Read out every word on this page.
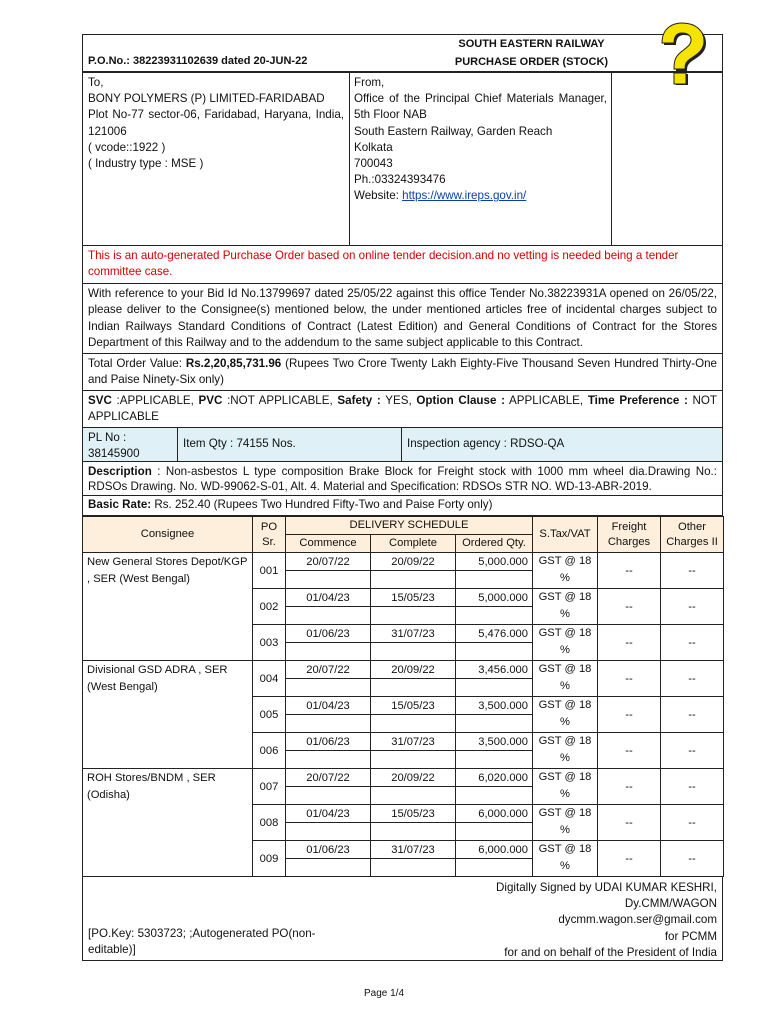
P.O.No.: 38223931102639 dated 20-JUN-22
SOUTH EASTERN RAILWAY
PURCHASE ORDER (STOCK)
To,
BONY POLYMERS (P) LIMITED-FARIDABAD
Plot No-77 sector-06, Faridabad, Haryana, India, 121006
( vcode::1922 )
( Industry type : MSE )
From,
Office of the Principal Chief Materials Manager, 5th Floor NAB
South Eastern Railway, Garden Reach
Kolkata
700043
Ph.:03324393476
Website: https://www.ireps.gov.in/
This is an auto-generated Purchase Order based on online tender decision.and no vetting is needed being a tender committee case.
With reference to your Bid Id No.13799697 dated 25/05/22 against this office Tender No.38223931A opened on 26/05/22, please deliver to the Consignee(s) mentioned below, the under mentioned articles free of incidental charges subject to Indian Railways Standard Conditions of Contract (Latest Edition) and General Conditions of Contract for the Stores Department of this Railway and to the addendum to the same subject applicable to this Contract.
Total Order Value: Rs.2,20,85,731.96 (Rupees Two Crore Twenty Lakh Eighty-Five Thousand Seven Hundred Thirty-One and Paise Ninety-Six only)
SVC :APPLICABLE, PVC :NOT APPLICABLE, Safety : YES, Option Clause : APPLICABLE, Time Preference : NOT APPLICABLE
PL No :
38145900
Item Qty : 74155 Nos.	Inspection agency : RDSO-QA
Description : Non-asbestos L type composition Brake Block for Freight stock with 1000 mm wheel dia.Drawing No.: RDSOs Drawing. No. WD-99062-S-01, Alt. 4. Material and Specification: RDSOs STR NO. WD-13-ABR-2019.
Basic Rate: Rs. 252.40 (Rupees Two Hundred Fifty-Two and Paise Forty only)
Consignee	PO Sr.	DELIVERY SCHEDULE			S.Tax/VAT	Freight Charges	Other Charges II
		Commence	Complete	Ordered Qty.			
New General Stores Depot/KGP , SER (West Bengal)	001	20/07/22	20/09/22	5,000.000	GST @ 18 %	--	--

	002	01/04/23	15/05/23	5,000.000	GST @ 18 %	--	--

	003	01/06/23	31/07/23	5,476.000	GST @ 18 %	--	--

Divisional GSD ADRA , SER (West Bengal)	004	20/07/22	20/09/22	3,456.000	GST @ 18 %	--	--

	005	01/04/23	15/05/23	3,500.000	GST @ 18 %	--	--

	006	01/06/23	31/07/23	3,500.000	GST @ 18 %	--	--

ROH Stores/BNDM , SER (Odisha)	007	20/07/22	20/09/22	6,020.000	GST @ 18 %	--	--

	008	01/04/23	15/05/23	6,000.000	GST @ 18 %	--	--

	009	01/06/23	31/07/23	6,000.000	GST @ 18 %	--	--

[PO.Key: 5303723; ;Autogenerated PO(non-editable)]
Digitally Signed by UDAI KUMAR KESHRI,
Dy.CMM/WAGON
dycmm.wagon.ser@gmail.com
for PCMM
for and on behalf of the President of India
Page 1/4
